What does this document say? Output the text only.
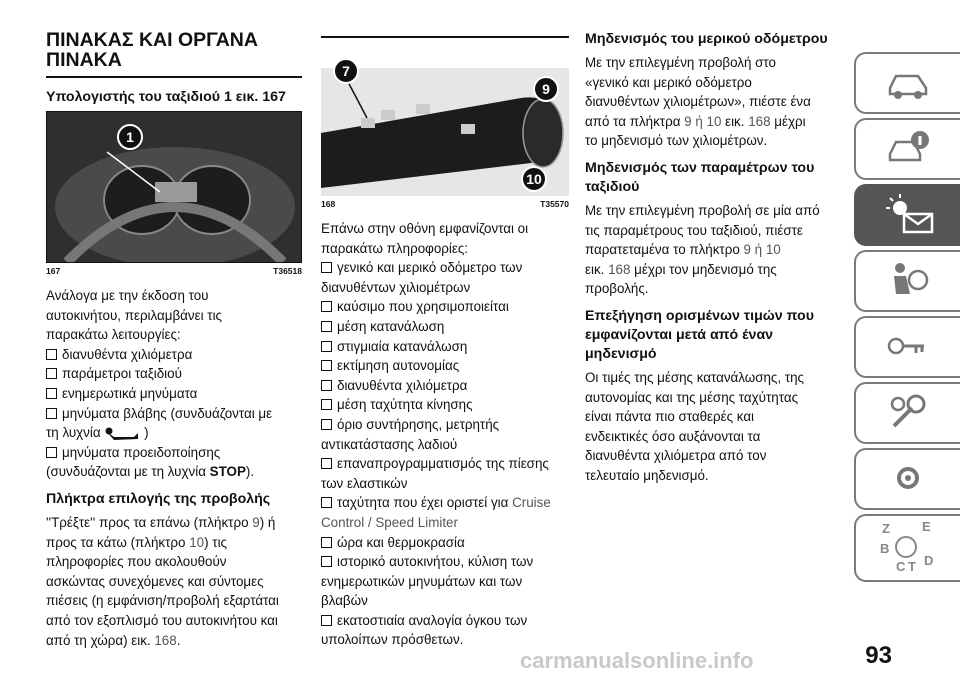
ΠΙΝΑΚΑΣ ΚΑΙ ΟΡΓΑΝΑ
ΠΙΝΑΚΑ
Υπολογιστής του ταξιδιού 1 εικ. 167
1
167	T36518
Ανάλογα με την έκδοση του
αυτοκινήτου, περιλαμβάνει τις
παρακάτω λειτουργίες:
διανυθέντα χιλιόμετρα
παράμετροι ταξιδιού
ενημερωτικά μηνύματα
μηνύματα βλάβης (συνδυάζονται με
τη λυχνία	)
μηνύματα προειδοποίησης
(συνδυάζονται με τη λυχνία STOP).
Πλήκτρα επιλογής της προβολής
''Τρέξτε'' προς τα επάνω (πλήκτρο 9) ή
προς τα κάτω (πλήκτρο 10) τις
πληροφορίες που ακολουθούν
ασκώντας συνεχόμενες και σύντομες
πιέσεις (η εμφάνιση/προβολή εξαρτάται
από τον εξοπλισμό του αυτοκινήτου και
από τη χώρα) εικ. 168.
7
9
10
168	T35570
Επάνω στην οθόνη εμφανίζονται οι
παρακάτω πληροφορίες:
γενικό και μερικό οδόμετρο των
διανυθέντων χιλιομέτρων
καύσιμο που χρησιμοποιείται
μέση κατανάλωση
στιγμιαία κατανάλωση
εκτίμηση αυτονομίας
διανυθέντα χιλιόμετρα
μέση ταχύτητα κίνησης
όριο συντήρησης, μετρητής
αντικατάστασης λαδιού
επαναπρογραμματισμός της πίεσης
των ελαστικών
ταχύτητα που έχει οριστεί για Cruise
Control / Speed Limiter
ώρα και θερμοκρασία
ιστορικό αυτοκινήτου, κύλιση των
ενημερωτικών μηνυμάτων και των
βλαβών
εκατοστιαία αναλογία όγκου των
υπολοίπων πρόσθετων.
Μηδενισμός του μερικού οδόμετρου
Με την επιλεγμένη προβολή στο
«γενικό και μερικό οδόμετρο
διανυθέντων χιλιομέτρων», πιέστε ένα
από τα πλήκτρα 9 ή 10 εικ. 168 μέχρι
το μηδενισμό των χιλιομέτρων.
Μηδενισμός των παραμέτρων του
ταξιδιού
Με την επιλεγμένη προβολή σε μία από
τις παραμέτρους του ταξιδιού, πιέστε
παρατεταμένα το πλήκτρο 9 ή 10
εικ. 168 μέχρι τον μηδενισμό της
προβολής.
Επεξήγηση ορισμένων τιμών που
εμφανίζονται μετά από έναν
μηδενισμό
Οι τιμές της μέσης κατανάλωσης, της
αυτονομίας και της μέσης ταχύτητας
είναι πάντα πιο σταθερές και
ενδεικτικές όσο αυξάνονται τα
διανυθέντα χιλιόμετρα από τον
τελευταίο μηδενισμό.
Z E
B
C T D
carmanualsonline.info	93
